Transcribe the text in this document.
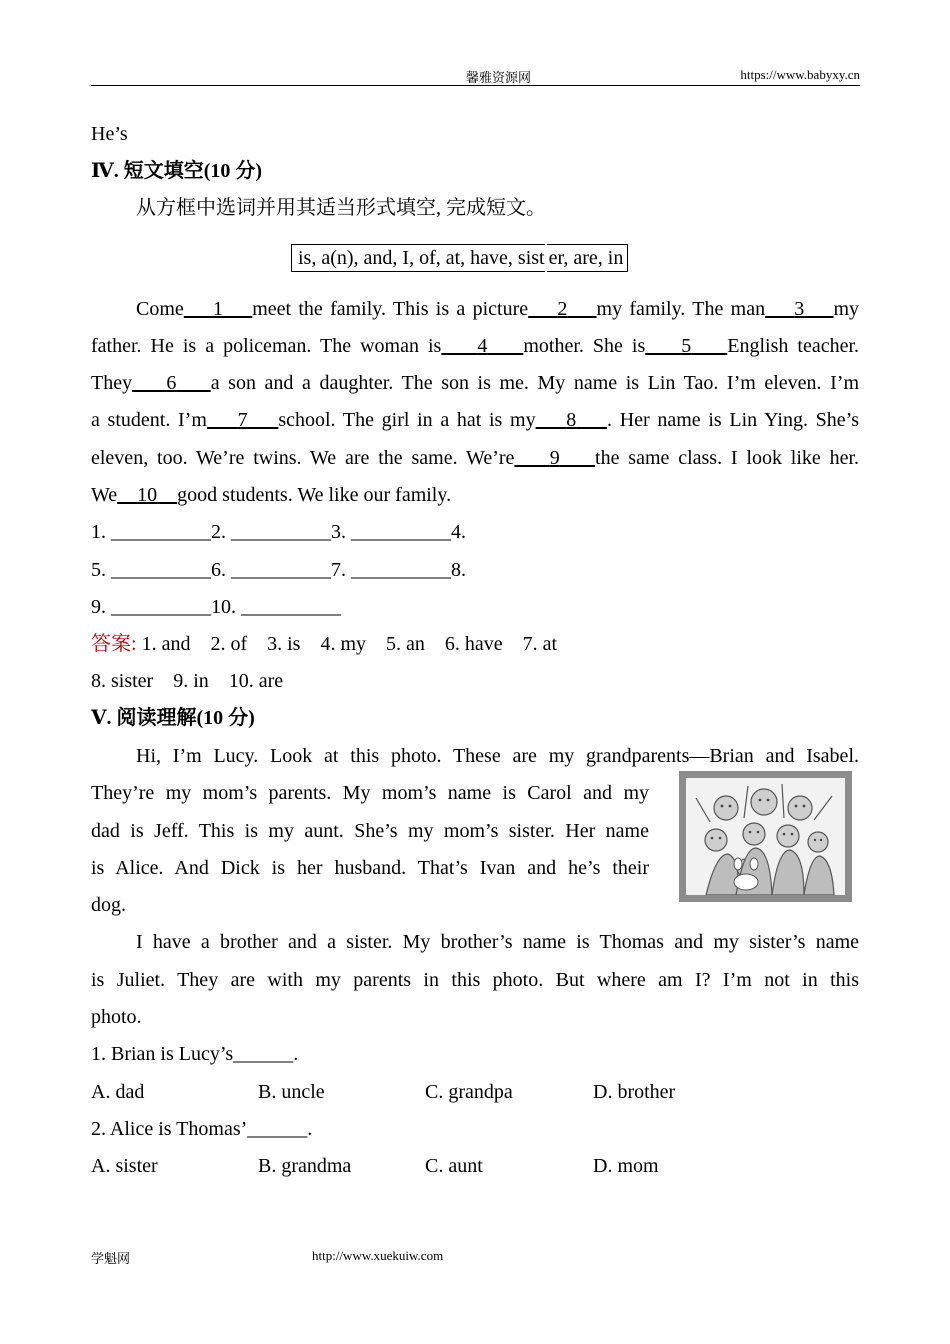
馨雅资源网	https://www.babyxy.cn
He’s
Ⅳ. 短文填空(10 分)
从方框中选词并用其适当形式填空, 完成短文。
is, a(n), and, I, of, at, have, sist er, are, in
Come 1 meet the family. This is a picture 2 my family. The man 3 my
father. He is a policeman. The woman is 4 mother. She is 5 English teacher.
They 6 a son and a daughter. The son is me. My name is Lin Tao. I’m eleven. I’m
a student. I’m 7 school. The girl in a hat is my 8 . Her name is Lin Ying. She’s
eleven, too. We’re twins. We are the same. We’re 9 the same class. I look like her.
We 10 good students. We like our family.
1. __________2. __________3. __________4.
5. __________6. __________7. __________8.
9. __________10. __________
答案: 1. and    2. of    3. is    4. my    5. an    6. have    7. at
8. sister    9. in    10. are
Ⅴ. 阅读理解(10 分)
Hi, I’m Lucy. Look at this photo. These are my grandparents—Brian and Isabel.
They’re my mom’s parents. My mom’s name is Carol and my
dad is Jeff. This is my aunt. She’s my mom’s sister. Her name
is Alice. And Dick is her husband. That’s Ivan and he’s their
dog.
I have a brother and a sister. My brother’s name is Thomas and my sister’s name
is Juliet. They are with my parents in this photo. But where am I? I’m not in this
photo.
1. Brian is Lucy’s______.
A. dad	B. uncle	C. grandpa	D. brother
2. Alice is Thomas’______.
A. sister	B. grandma	C. aunt	D. mom
学魁网	http://www.xuekuiw.com
